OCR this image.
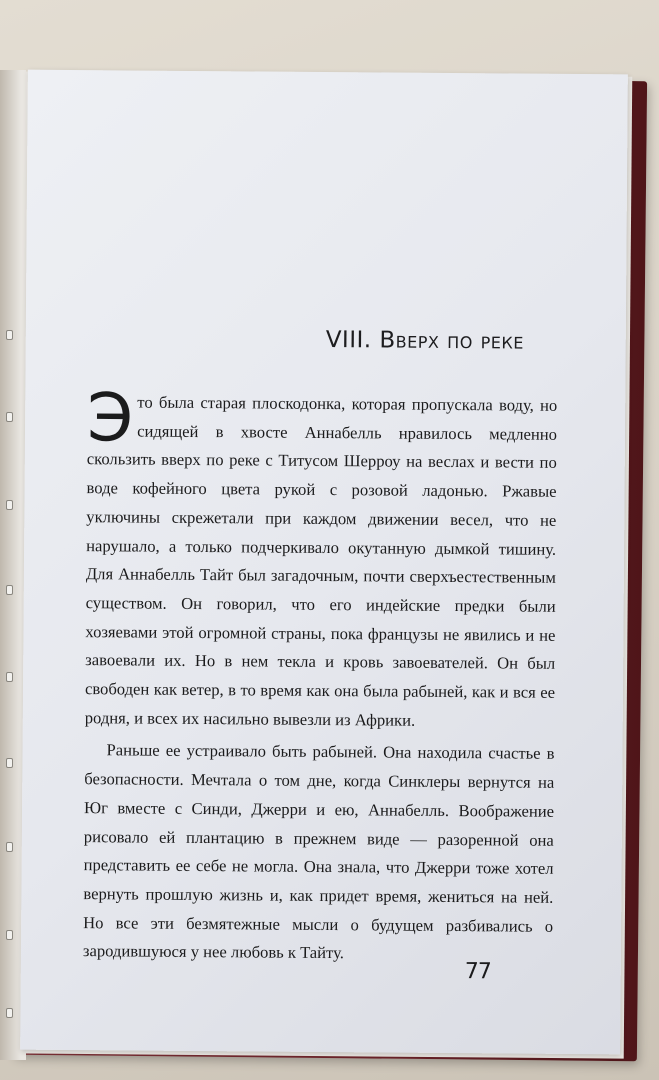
VIII. Вверх по реке

Это была старая плоскодонка, которая пропускала воду, но сидящей в хвосте Аннабелль нравилось медленно скользить вверх по реке с Титусом Шерроу на веслах и вести по воде кофейного цвета рукой с розовой ладонью. Ржавые уключины скрежетали при каждом движении весел, что не нарушало, а только подчеркивало окутанную дымкой тишину. Для Аннабелль Тайт был загадочным, почти сверхъестественным существом. Он говорил, что его индейские предки были хозяевами этой огромной страны, пока французы не явились и не завоевали их. Но в нем текла и кровь завоевателей. Он был свободен как ветер, в то время как она была рабыней, как и вся ее родня, и всех их насильно вывезли из Африки.

Раньше ее устраивало быть рабыней. Она находила счастье в безопасности. Мечтала о том дне, когда Синклеры вернутся на Юг вместе с Синди, Джерри и ею, Аннабелль. Воображение рисовало ей плантацию в прежнем виде — разоренной она представить ее себе не могла. Она знала, что Джерри тоже хотел вернуть прошлую жизнь и, как придет время, жениться на ней. Но все эти безмятежные мысли о будущем разбивались о зародившуюся у нее любовь к Тайту.

77
